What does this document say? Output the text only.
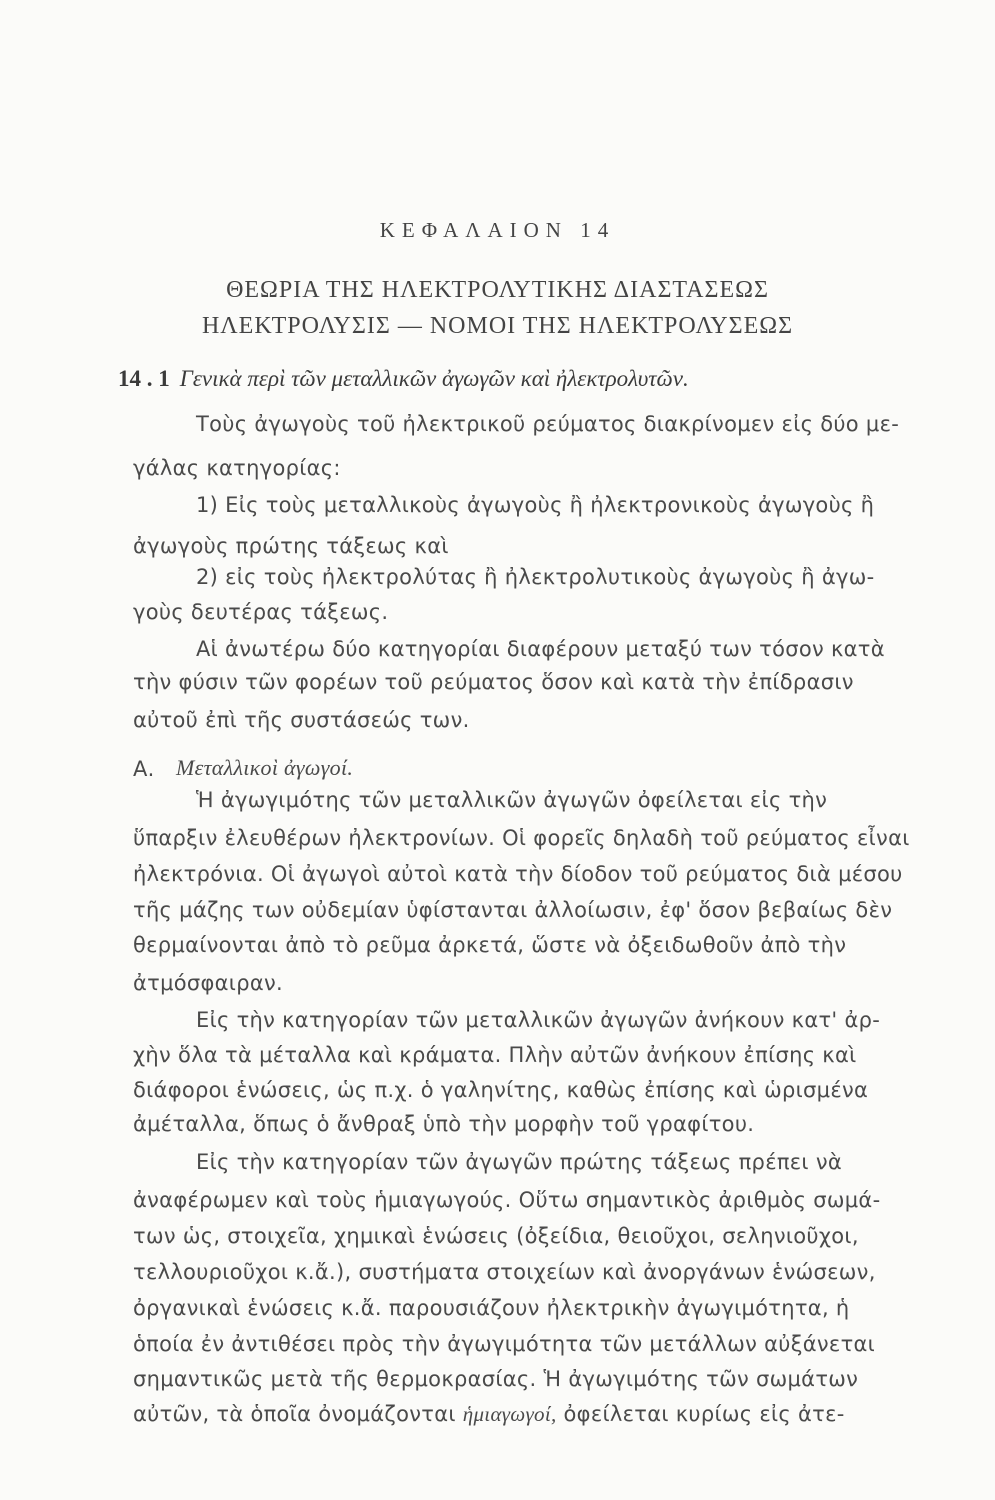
ΚΕΦΑΛΑΙΟΝ 14
ΘΕΩΡΙΑ ΤΗΣ ΗΛΕΚΤΡΟΛΥΤΙΚΗΣ ΔΙΑΣΤΑΣΕΩΣ
ΗΛΕΚΤΡΟΛΥΣΙΣ — ΝΟΜΟΙ ΤΗΣ ΗΛΕΚΤΡΟΛΥΣΕΩΣ
14 . 1 Γενικὰ περὶ τῶν μεταλλικῶν ἀγωγῶν καὶ ἠλεκτρολυτῶν.
Τοὺς ἀγωγοὺς τοῦ ἠλεκτρικοῦ ρεύματος διακρίνομεν εἰς δύο με-
γάλας κατηγορίας:
1) Εἰς τοὺς μεταλλικοὺς ἀγωγοὺς ἢ ἠλεκτρονικοὺς ἀγωγοὺς ἢ
ἀγωγοὺς πρώτης τάξεως καὶ
2) εἰς τοὺς ἠλεκτρολύτας ἢ ἠλεκτρολυτικοὺς ἀγωγοὺς ἢ ἀγω-
γοὺς δευτέρας τάξεως.
Αἱ ἀνωτέρω δύο κατηγορίαι διαφέρουν μεταξύ των τόσον κατὰ
τὴν φύσιν τῶν φορέων τοῦ ρεύματος ὅσον καὶ κατὰ τὴν ἐπίδρασιν
αὐτοῦ ἐπὶ τῆς συστάσεώς των.
Α. Μεταλλικοὶ ἀγωγοί.
Ἡ ἀγωγιμότης τῶν μεταλλικῶν ἀγωγῶν ὀφείλεται εἰς τὴν
ὕπαρξιν ἐλευθέρων ἠλεκτρονίων. Οἱ φορεῖς δηλαδὴ τοῦ ρεύματος εἶναι
ἠλεκτρόνια. Οἱ ἀγωγοὶ αὐτοὶ κατὰ τὴν δίοδον τοῦ ρεύματος διὰ μέσου
τῆς μάζης των οὐδεμίαν ὑφίστανται ἀλλοίωσιν, ἐφ' ὅσον βεβαίως δὲν
θερμαίνονται ἀπὸ τὸ ρεῦμα ἀρκετά, ὥστε νὰ ὀξειδωθοῦν ἀπὸ τὴν
ἀτμόσφαιραν.
Εἰς τὴν κατηγορίαν τῶν μεταλλικῶν ἀγωγῶν ἀνήκουν κατ' ἀρ-
χὴν ὅλα τὰ μέταλλα καὶ κράματα. Πλὴν αὐτῶν ἀνήκουν ἐπίσης καὶ
διάφοροι ἑνώσεις, ὡς π.χ. ὁ γαληνίτης, καθὼς ἐπίσης καὶ ὡρισμένα
ἀμέταλλα, ὅπως ὁ ἄνθραξ ὑπὸ τὴν μορφὴν τοῦ γραφίτου.
Εἰς τὴν κατηγορίαν τῶν ἀγωγῶν πρώτης τάξεως πρέπει νὰ
ἀναφέρωμεν καὶ τοὺς ἡμιαγωγούς. Οὕτω σημαντικὸς ἀριθμὸς σωμά-
των ὡς, στοιχεῖα, χημικαὶ ἑνώσεις (ὀξείδια, θειοῦχοι, σεληνιοῦχοι,
τελλουριοῦχοι κ.ἄ.), συστήματα στοιχείων καὶ ἀνοργάνων ἑνώσεων,
ὀργανικαὶ ἑνώσεις κ.ἄ. παρουσιάζουν ἠλεκτρικὴν ἀγωγιμότητα, ἡ
ὁποία ἐν ἀντιθέσει πρὸς τὴν ἀγωγιμότητα τῶν μετάλλων αὐξάνεται
σημαντικῶς μετὰ τῆς θερμοκρασίας. Ἡ ἀγωγιμότης τῶν σωμάτων
αὐτῶν, τὰ ὁποῖα ὀνομάζονται ἡμιαγωγοί, ὀφείλεται κυρίως εἰς ἀτε-
